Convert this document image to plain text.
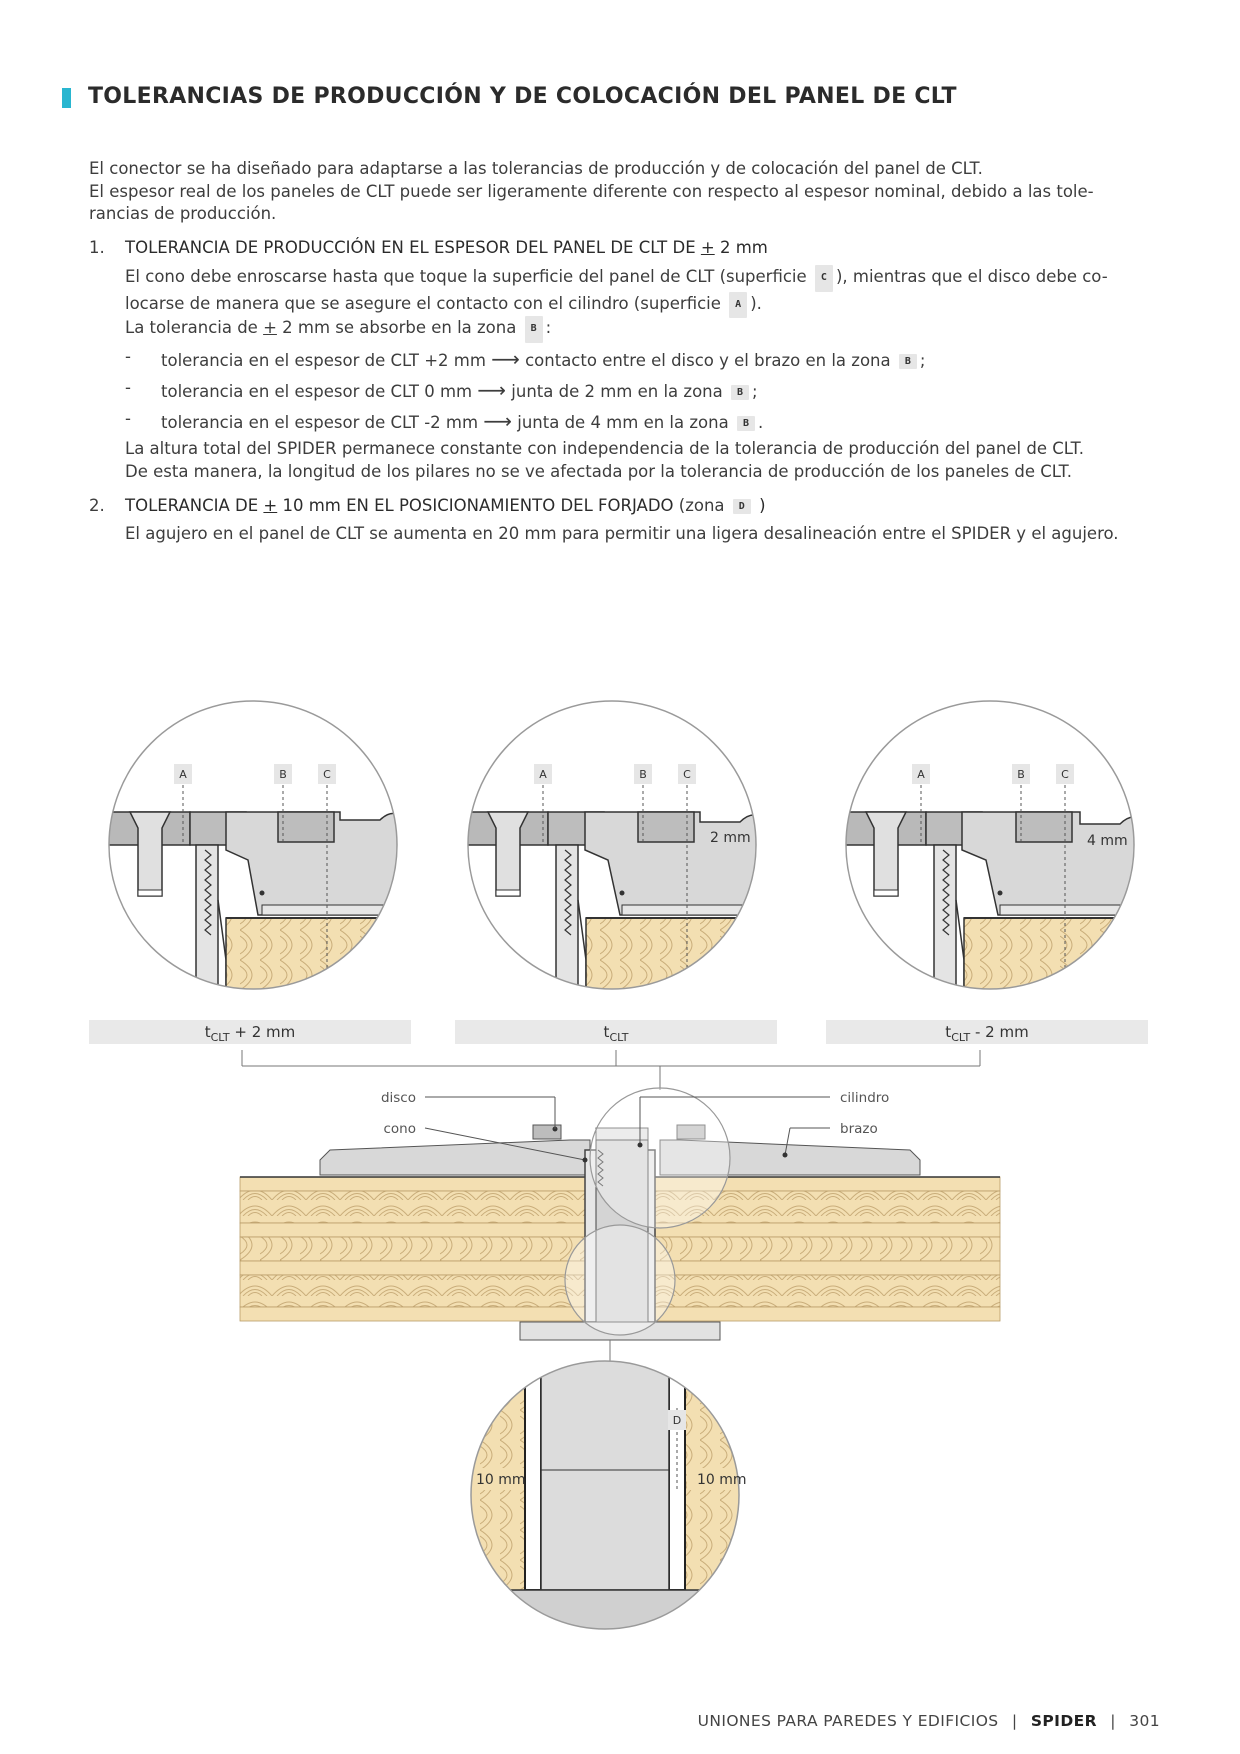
TOLERANCIAS DE PRODUCCIÓN Y DE COLOCACIÓN DEL PANEL DE CLT

El conector se ha diseñado para adaptarse a las tolerancias de producción y de colocación del panel de CLT.

El espesor real de los paneles de CLT puede ser ligeramente diferente con respecto al espesor nominal, debido a las tole-

rancias de producción.

1. TOLERANCIA DE PRODUCCIÓN EN EL ESPESOR DEL PANEL DE CLT DE + 2 mm
El cono debe enroscarse hasta que toque la superficie del panel de CLT (superficie C ), mientras que el disco debe co-
locarse de manera que se asegure el contacto con el cilindro (superficie A ).
La tolerancia de + 2 mm se absorbe en la zona B :
- tolerancia en el espesor de CLT +2 mm ⟶ contacto entre el disco y el brazo en la zona B ;
- tolerancia en el espesor de CLT 0 mm ⟶ junta de 2 mm en la zona B ;
- tolerancia en el espesor de CLT -2 mm ⟶ junta de 4 mm en la zona B .
La altura total del SPIDER permanece constante con independencia de la tolerancia de producción del panel de CLT.
De esta manera, la longitud de los pilares no se ve afectada por la tolerancia de producción de los paneles de CLT.
2. TOLERANCIA DE + 10 mm EN EL POSICIONAMIENTO DEL FORJADO (zona D )
El agujero en el panel de CLT se aumenta en 20 mm para permitir una ligera desalineación entre el SPIDER y el agujero.
2 mm	4 mm
A	B	C	A	B	C	A	B	C
$t_{CLT} + 2$ mm	$t_{CLT}$	$t_{CLT} - 2$ mm
disco
cono
cilindro
brazo
D
10 mm	10 mm
UNIONES PARA PAREDES Y EDIFICIOS | SPIDER | 301
